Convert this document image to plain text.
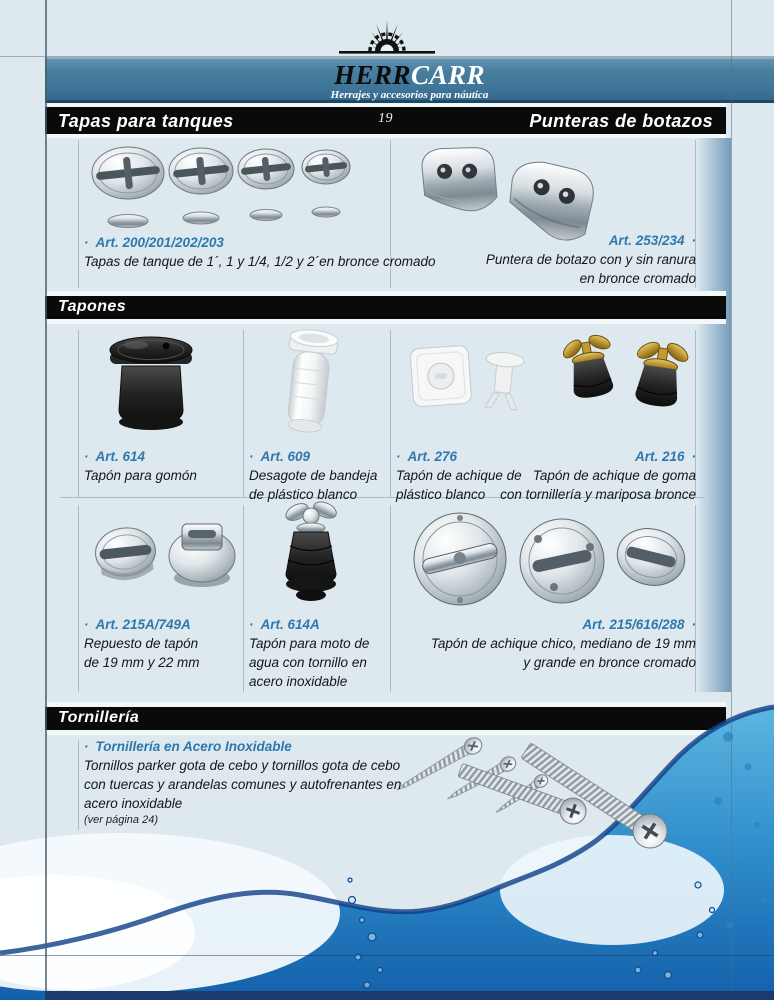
HERRCARR
Herrajes y accesorios para náutica
Tapas para tanques	19	Punteras de botazos
· Art. 200/201/202/203
Tapas de tanque de 1´, 1 y 1/4, 1/2 y 2´en bronce cromado
Art. 253/234 ·
Puntera de botazo con y sin ranura
en bronce cromado
Tapones
· Art. 614
Tapón para gomón
· Art. 609
Desagote de bandeja
de plástico blanco
· Art. 276
Tapón de achique de
plástico blanco
Art. 216 ·
Tapón de achique de goma
con tornillería y mariposa bronce
· Art. 215A/749A
Repuesto de tapón
de 19 mm y 22 mm
· Art. 614A
Tapón para moto de
agua con tornillo en
acero inoxidable
Art. 215/616/288 ·
Tapón de achique chico, mediano de 19 mm
y grande en bronce cromado
Tornillería
· Tornillería en Acero Inoxidable
Tornillos parker gota de cebo y tornillos gota de cebo
con tuercas y arandelas comunes y autofrenantes en
acero inoxidable
(ver página 24)
